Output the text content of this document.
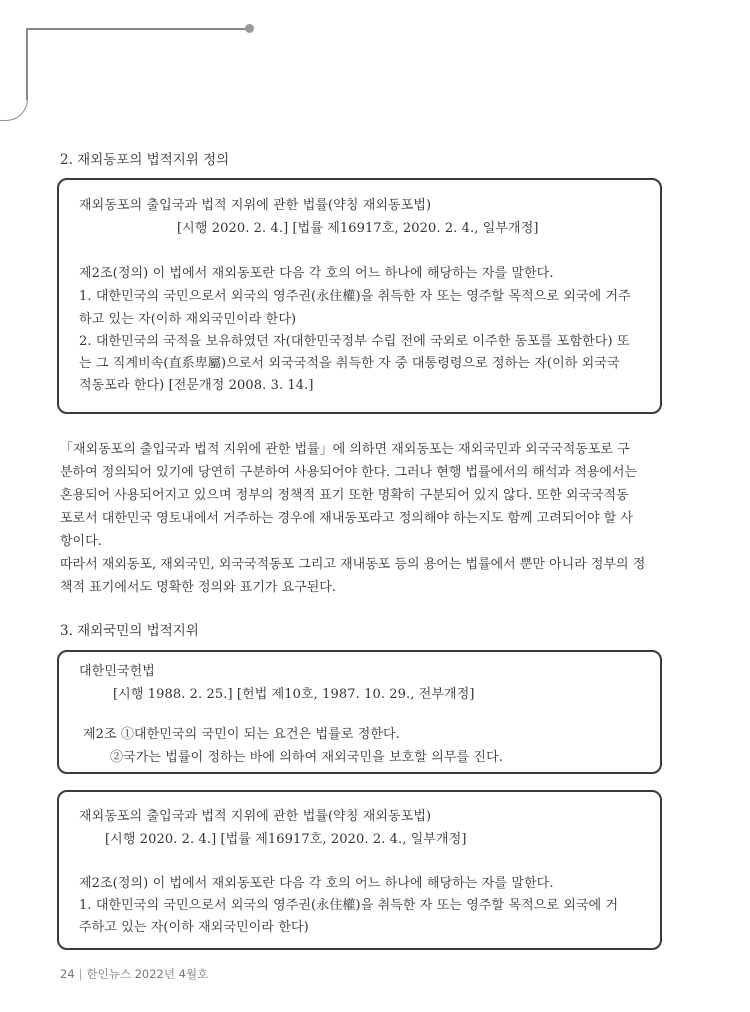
2. 재외동포의 법적지위 정의
재외동포의 출입국과 법적 지위에 관한 법률(약칭 재외동포법)
[시행 2020. 2. 4.] [법률 제16917호, 2020. 2. 4., 일부개정]
제2조(정의) 이 법에서 재외동포란 다음 각 호의 어느 하나에 해당하는 자를 말한다.
1. 대한민국의 국민으로서 외국의 영주권(永住權)을 취득한 자 또는 영주할 목적으로 외국에 거주
하고 있는 자(이하 재외국민이라 한다)
2. 대한민국의 국적을 보유하였던 자(대한민국정부 수립 전에 국외로 이주한 동포를 포함한다) 또
는 그 직계비속(直系卑屬)으로서 외국국적을 취득한 자 중 대통령령으로 정하는 자(이하 외국국
적동포라 한다) [전문개정 2008. 3. 14.]
「재외동포의 출입국과 법적 지위에 관한 법률」에 의하면 재외동포는 재외국민과 외국국적동포로 구
분하여 정의되어 있기에 당연히 구분하여 사용되어야 한다. 그러나 현행 법률에서의 해석과 적용에서는
혼용되어 사용되어지고 있으며 정부의 정책적 표기 또한 명확히 구분되어 있지 않다. 또한 외국국적동
포로서 대한민국 영토내에서 거주하는 경우에 재내동포라고 정의해야 하는지도 함께 고려되어야 할 사
항이다.
따라서 재외동포, 재외국민, 외국국적동포 그리고 재내동포 등의 용어는 법률에서 뿐만 아니라 정부의 정
책적 표기에서도 명확한 정의와 표기가 요구된다.
3. 재외국민의 법적지위
대한민국헌법
[시행 1988. 2. 25.] [헌법 제10호, 1987. 10. 29., 전부개정]
제2조 ①대한민국의 국민이 되는 요건은 법률로 정한다.
②국가는 법률이 정하는 바에 의하여 재외국민을 보호할 의무를 진다.
재외동포의 출입국과 법적 지위에 관한 법률(약칭 재외동포법)
[시행 2020. 2. 4.] [법률 제16917호, 2020. 2. 4., 일부개정]
제2조(정의) 이 법에서 재외동포란 다음 각 호의 어느 하나에 해당하는 자를 말한다.
1. 대한민국의 국민으로서 외국의 영주권(永住權)을 취득한 자 또는 영주할 목적으로 외국에 거
주하고 있는 자(이하 재외국민이라 한다)
24 | 한인뉴스 2022년 4월호
